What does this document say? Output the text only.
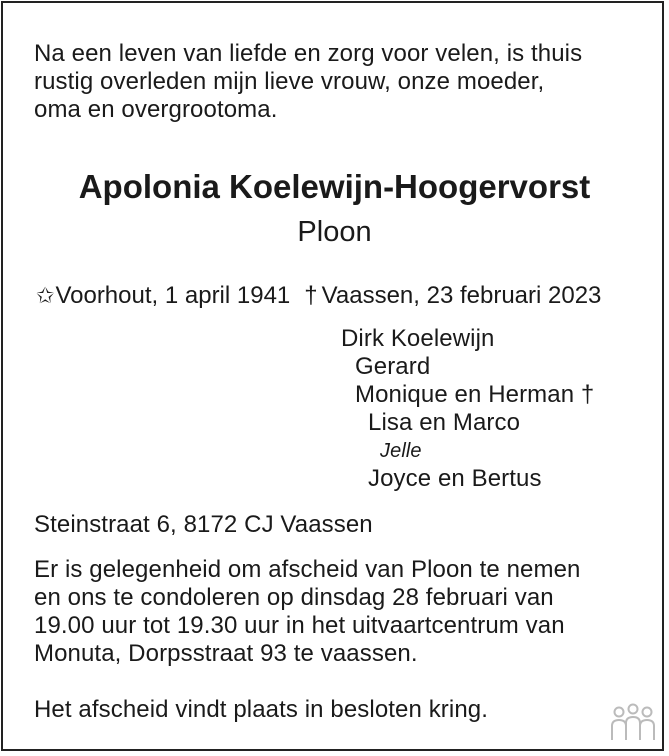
Na een leven van liefde en zorg voor velen, is thuis
rustig overleden mijn lieve vrouw, onze moeder,
oma en overgrootoma.
Apolonia Koelewijn-Hoogervorst
Ploon
✩ Voorhout, 1 april 1941 † Vaassen, 23 februari 2023
Dirk Koelewijn
Gerard
Monique en Herman †
Lisa en Marco
Jelle
Joyce en Bertus
Steinstraat 6, 8172 CJ Vaassen
Er is gelegenheid om afscheid van Ploon te nemen
en ons te condoleren op dinsdag 28 februari van
19.00 uur tot 19.30 uur in het uitvaartcentrum van
Monuta, Dorpsstraat 93 te vaassen.
Het afscheid vindt plaats in besloten kring.
